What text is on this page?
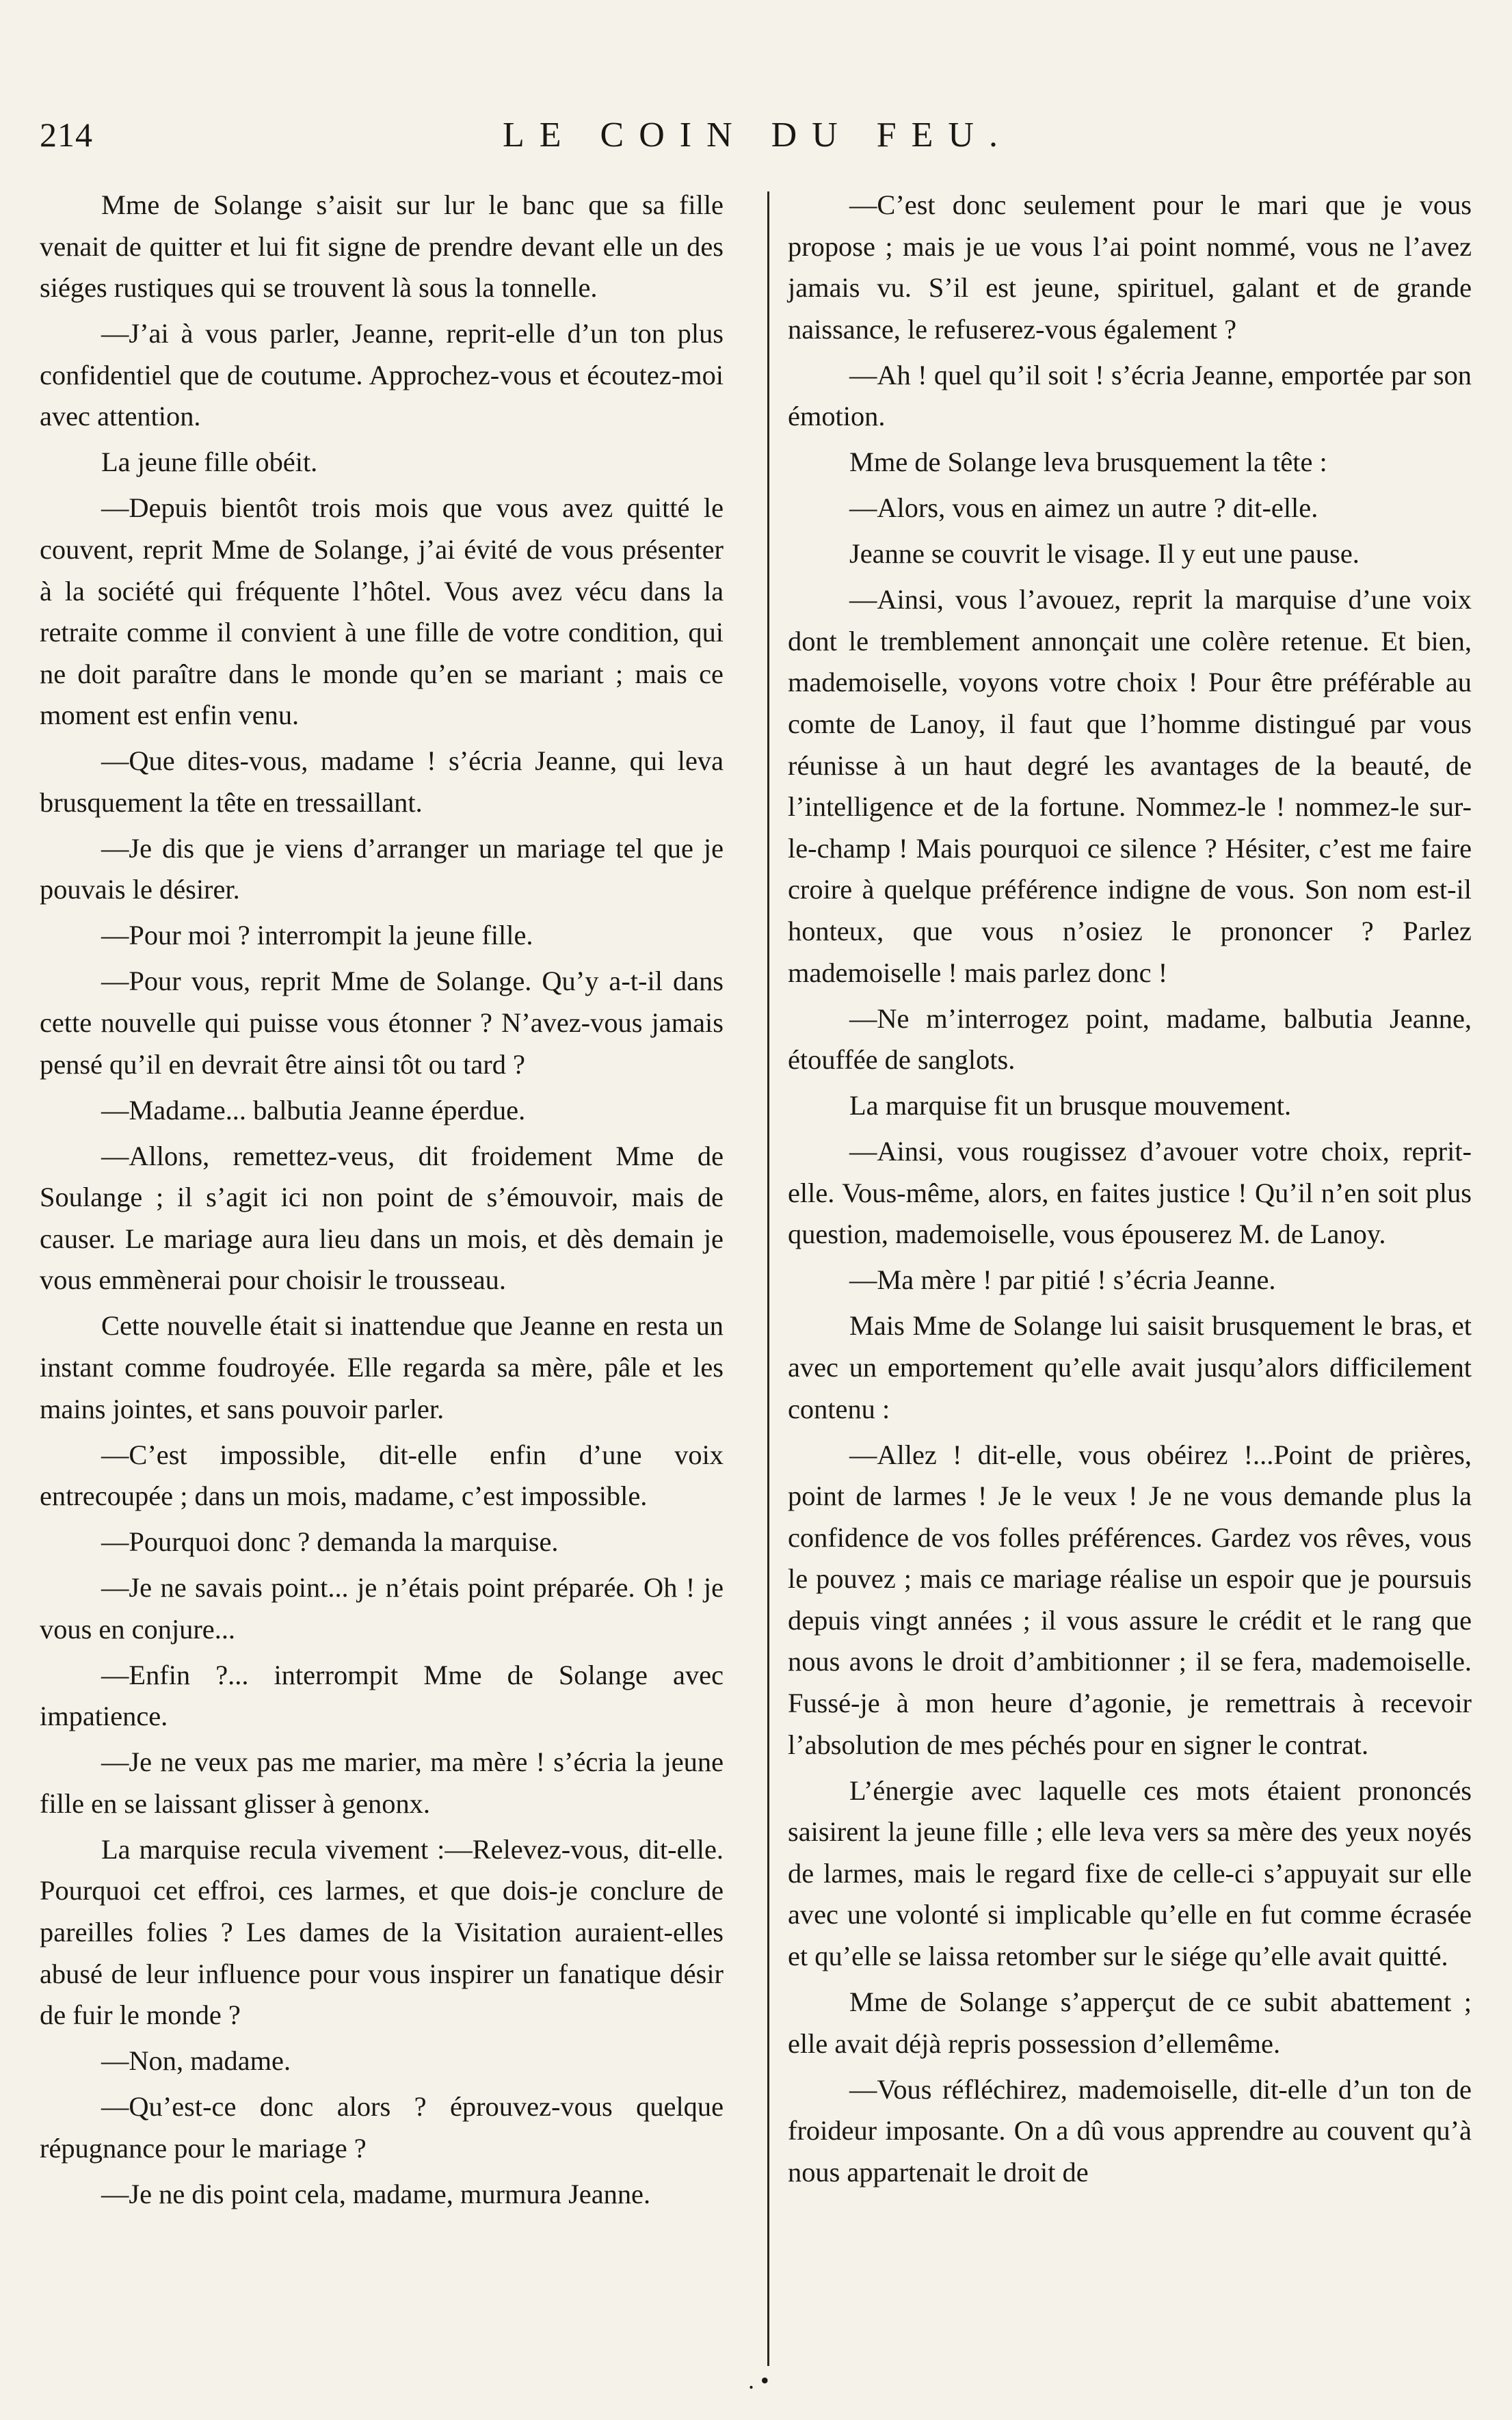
214	LE COIN DU FEU.

Mme de Solange s’aisit sur lur le banc que sa fille venait de quitter et lui fit signe de prendre devant elle un des siéges rustiques qui se trouvent là sous la tonnelle.

—J’ai à vous parler, Jeanne, reprit-elle d’un ton plus confidentiel que de coutume. Approchez-vous et écoutez-moi avec attention.

La jeune fille obéit.

—Depuis bientôt trois mois que vous avez quitté le couvent, reprit Mme de Solange, j’ai évité de vous présenter à la société qui fréquente l’hôtel. Vous avez vécu dans la retraite comme il convient à une fille de votre condition, qui ne doit paraître dans le monde qu’en se mariant ; mais ce moment est enfin venu.

—Que dites-vous, madame ! s’écria Jeanne, qui leva brusquement la tête en tressaillant.

—Je dis que je viens d’arranger un mariage tel que je pouvais le désirer.

—Pour moi ? interrompit la jeune fille.

—Pour vous, reprit Mme de Solange. Qu’y a-t-il dans cette nouvelle qui puisse vous étonner ? N’avez-vous jamais pensé qu’il en devrait être ainsi tôt ou tard ?

—Madame... balbutia Jeanne éperdue.

—Allons, remettez-veus, dit froidement Mme de Soulange ; il s’agit ici non point de s’émouvoir, mais de causer. Le mariage aura lieu dans un mois, et dès demain je vous emmènerai pour choisir le trousseau.

Cette nouvelle était si inattendue que Jeanne en resta un instant comme foudroyée. Elle regarda sa mère, pâle et les mains jointes, et sans pouvoir parler.

—C’est impossible, dit-elle enfin d’une voix entrecoupée ; dans un mois, madame, c’est impossible.

—Pourquoi donc ? demanda la marquise.

—Je ne savais point... je n’étais point préparée. Oh ! je vous en conjure...

—Enfin ?... interrompit Mme de Solange avec impatience.

—Je ne veux pas me marier, ma mère ! s’écria la jeune fille en se laissant glisser à genonx.

La marquise recula vivement :—Relevez-vous, dit-elle. Pourquoi cet effroi, ces larmes, et que dois-je conclure de pareilles folies ? Les dames de la Visitation auraient-elles abusé de leur influence pour vous inspirer un fanatique désir de fuir le monde ?

—Non, madame.

—Qu’est-ce donc alors ? éprouvez-vous quelque répugnance pour le mariage ?

—Je ne dis point cela, madame, murmura Jeanne.

—C’est donc seulement pour le mari que je vous propose ; mais je ue vous l’ai point nommé, vous ne l’avez jamais vu. S’il est jeune, spirituel, galant et de grande naissance, le refuserez-vous également ?

—Ah ! quel qu’il soit ! s’écria Jeanne, emportée par son émotion.

Mme de Solange leva brusquement la tête :

—Alors, vous en aimez un autre ? dit-elle.

Jeanne se couvrit le visage. Il y eut une pause.

—Ainsi, vous l’avouez, reprit la marquise d’une voix dont le tremblement annonçait une colère retenue. Et bien, mademoiselle, voyons votre choix ! Pour être préférable au comte de Lanoy, il faut que l’homme distingué par vous réunisse à un haut degré les avantages de la beauté, de l’intelligence et de la fortune. Nommez-le ! nommez-le sur-le-champ ! Mais pourquoi ce silence ? Hésiter, c’est me faire croire à quelque préférence indigne de vous. Son nom est-il honteux, que vous n’osiez le prononcer ? Parlez mademoiselle ! mais parlez donc !

—Ne m’interrogez point, madame, balbutia Jeanne, étouffée de sanglots.

La marquise fit un brusque mouvement.

—Ainsi, vous rougissez d’avouer votre choix, reprit-elle. Vous-même, alors, en faites justice ! Qu’il n’en soit plus question, mademoiselle, vous épouserez M. de Lanoy.

—Ma mère ! par pitié ! s’écria Jeanne.

Mais Mme de Solange lui saisit brusquement le bras, et avec un emportement qu’elle avait jusqu’alors difficilement contenu :

—Allez ! dit-elle, vous obéirez !...Point de prières, point de larmes ! Je le veux ! Je ne vous demande plus la confidence de vos folles préférences. Gardez vos rêves, vous le pouvez ; mais ce mariage réalise un espoir que je poursuis depuis vingt années ; il vous assure le crédit et le rang que nous avons le droit d’ambitionner ; il se fera, mademoiselle. Fussé-je à mon heure d’agonie, je remettrais à recevoir l’absolution de mes péchés pour en signer le contrat.

L’énergie avec laquelle ces mots étaient prononcés saisirent la jeune fille ; elle leva vers sa mère des yeux noyés de larmes, mais le regard fixe de celle-ci s’appuyait sur elle avec une volonté si implicable qu’elle en fut comme écrasée et qu’elle se laissa retomber sur le siége qu’elle avait quitté.

Mme de Solange s’apperçut de ce subit abattement ; elle avait déjà repris possession d’ellemême.

—Vous réfléchirez, mademoiselle, dit-elle d’un ton de froideur imposante. On a dû vous apprendre au couvent qu’à nous appartenait le droit de

. •
